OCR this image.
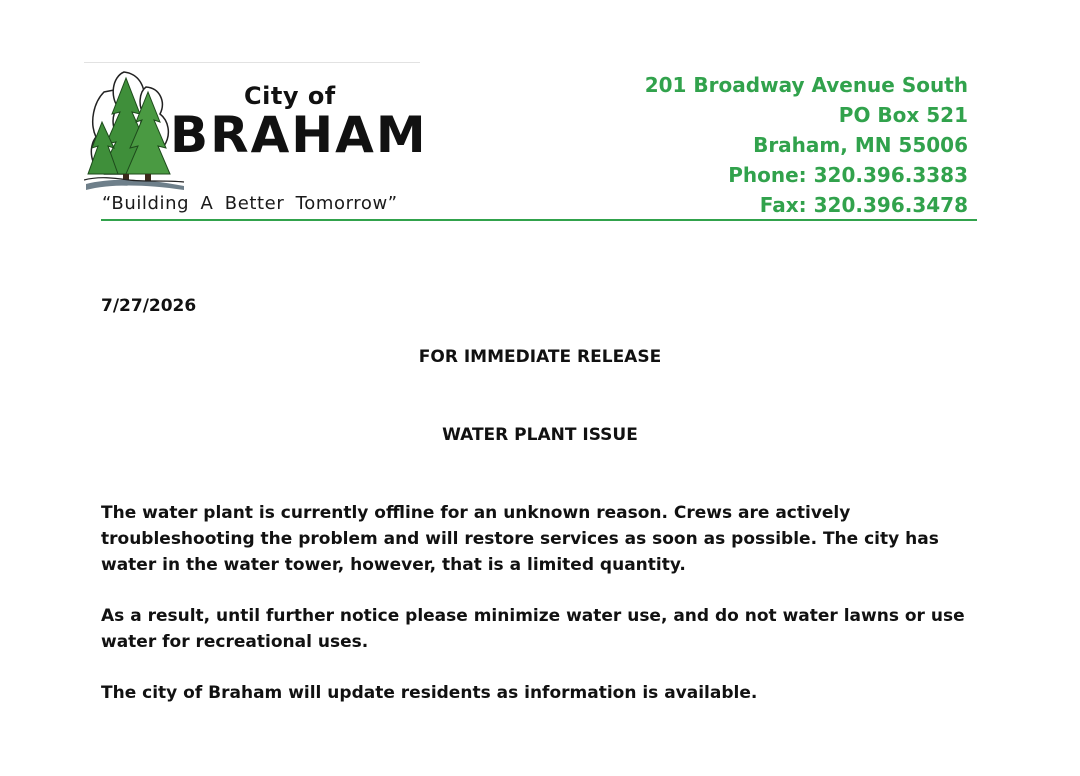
City of
BRAHAM
“Building A Better Tomorrow”
201 Broadway Avenue South
PO Box 521
Braham, MN 55006
Phone: 320.396.3383
Fax: 320.396.3478
7/27/2026
FOR IMMEDIATE RELEASE
WATER PLANT ISSUE
The water plant is currently offline for an unknown reason. Crews are actively troubleshooting the problem and will restore services as soon as possible. The city has water in the water tower, however, that is a limited quantity.
As a result, until further notice please minimize water use, and do not water lawns or use water for recreational uses.
The city of Braham will update residents as information is available.
